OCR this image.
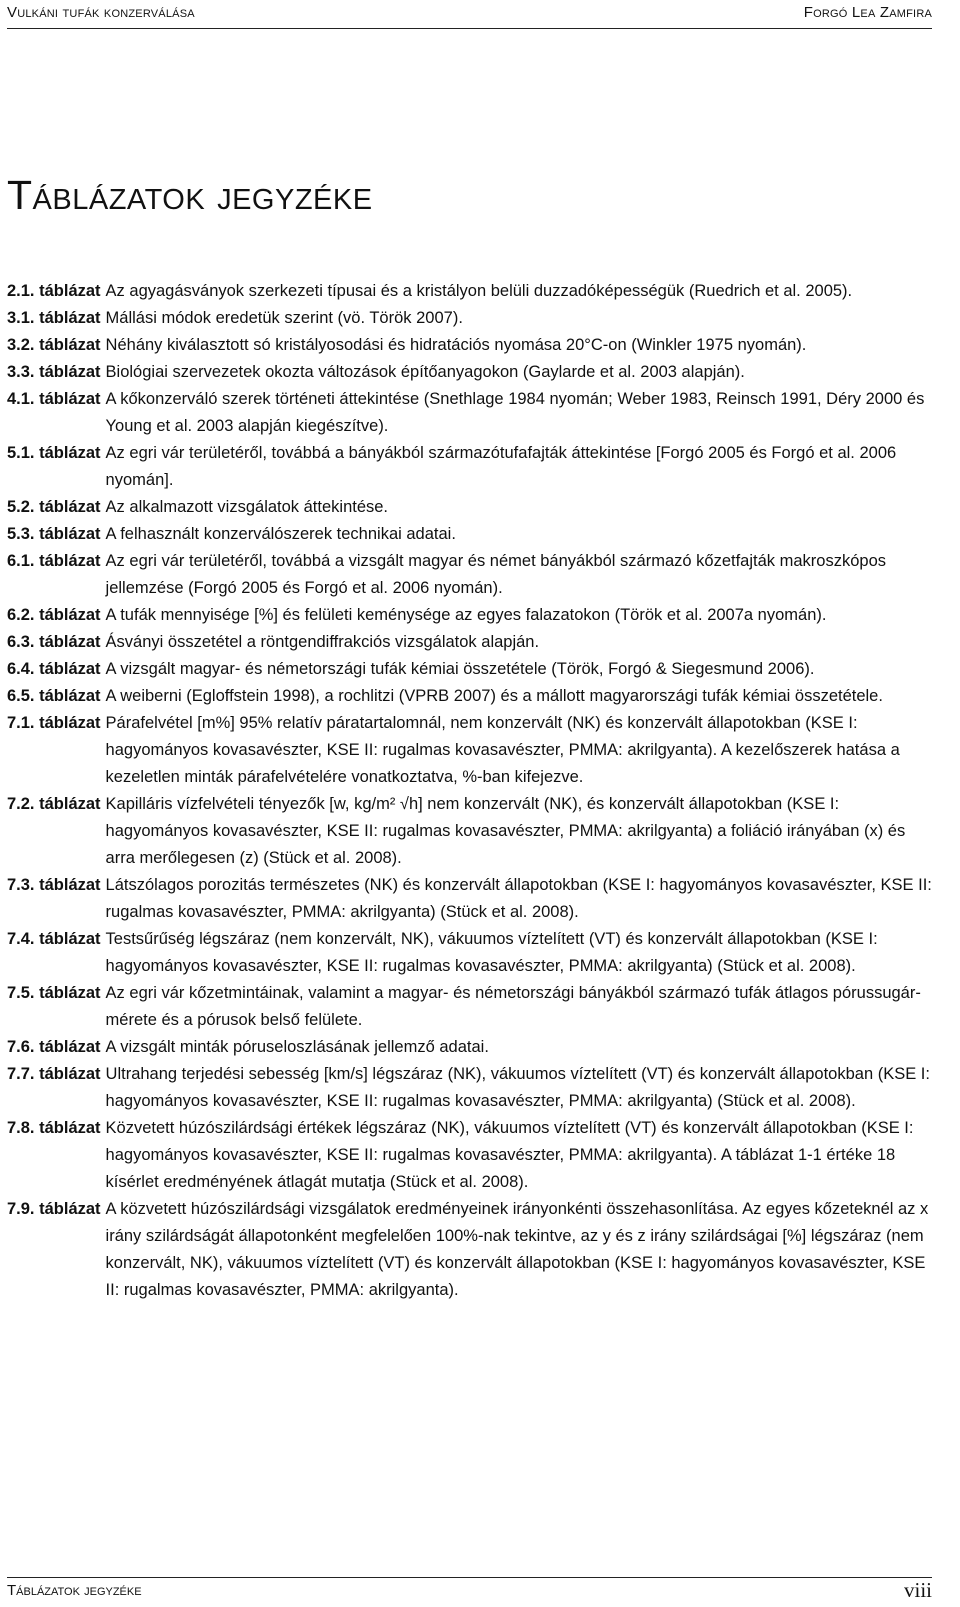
Vulkáni tufák konzerválása	Forgó Lea Zamfira
Táblázatok jegyzéke
2.1. táblázat Az agyagásványok szerkezeti típusai és a kristályon belüli duzzadóképességük (Ruedrich et al. 2005).
3.1. táblázat Mállási módok eredetük szerint (vö. Török 2007).
3.2. táblázat Néhány kiválasztott só kristályosodási és hidratációs nyomása 20°C-on (Winkler 1975 nyomán).
3.3. táblázat Biológiai szervezetek okozta változások építőanyagokon (Gaylarde et al. 2003 alapján).
4.1. táblázat A kőkonzerváló szerek történeti áttekintése (Snethlage 1984 nyomán; Weber 1983, Reinsch 1991, Déry 2000 és Young et al. 2003 alapján kiegészítve).
5.1. táblázat Az egri vár területéről, továbbá a bányákból származótufafajták áttekintése [Forgó 2005 és Forgó et al. 2006 nyomán].
5.2. táblázat Az alkalmazott vizsgálatok áttekintése.
5.3. táblázat A felhasznált konzerválószerek technikai adatai.
6.1. táblázat Az egri vár területéről, továbbá a vizsgált magyar és német bányákból származó kőzetfajták makroszkópos jellemzése (Forgó 2005 és Forgó et al. 2006 nyomán).
6.2. táblázat A tufák mennyisége [%] és felületi keménysége az egyes falazatokon (Török et al. 2007a nyomán).
6.3. táblázat Ásványi összetétel a röntgendiffrakciós vizsgálatok alapján.
6.4. táblázat A vizsgált magyar- és németországi tufák kémiai összetétele (Török, Forgó & Siegesmund 2006).
6.5. táblázat A weiberni (Egloffstein 1998), a rochlitzi (VPRB 2007) és a mállott magyarországi tufák kémiai összetétele.
7.1. táblázat Párafelvétel [m%] 95% relatív páratartalomnál, nem konzervált (NK) és konzervált állapotokban (KSE I: hagyományos kovasavészter, KSE II: rugalmas kovasavészter, PMMA: akrilgyanta). A kezelőszerek hatása a kezeletlen minták párafelvételére vonatkoztatva, %-ban kifejezve.
7.2. táblázat Kapilláris vízfelvételi tényezők [w, kg/m² √h] nem konzervált (NK), és konzervált állapotokban (KSE I: hagyományos kovasavészter, KSE II: rugalmas kovasavészter, PMMA: akrilgyanta) a foliáció irányában (x) és arra merőlegesen (z) (Stück et al. 2008).
7.3. táblázat Látszólagos porozitás természetes (NK) és konzervált állapotokban (KSE I: hagyományos kovasavészter, KSE II: rugalmas kovasavészter, PMMA: akrilgyanta) (Stück et al. 2008).
7.4. táblázat Testsűrűség légszáraz (nem konzervált, NK), vákuumos víztelített (VT) és konzervált állapotokban (KSE I: hagyományos kovasavészter, KSE II: rugalmas kovasavészter, PMMA: akrilgyanta) (Stück et al. 2008).
7.5. táblázat Az egri vár kőzetmintáinak, valamint a magyar- és németországi bányákból származó tufák átlagos pórussugár-mérete és a pórusok belső felülete.
7.6. táblázat A vizsgált minták póruseloszlásának jellemző adatai.
7.7. táblázat Ultrahang terjedési sebesség [km/s] légszáraz (NK), vákuumos víztelített (VT) és konzervált állapotokban (KSE I: hagyományos kovasavészter, KSE II: rugalmas kovasavészter, PMMA: akrilgyanta) (Stück et al. 2008).
7.8. táblázat Közvetett húzószilárdsági értékek légszáraz (NK), vákuumos víztelített (VT) és konzervált állapotokban (KSE I: hagyományos kovasavészter, KSE II: rugalmas kovasavészter, PMMA: akrilgyanta). A táblázat 1-1 értéke 18 kísérlet eredményének átlagát mutatja (Stück et al. 2008).
7.9. táblázat A közvetett húzószilárdsági vizsgálatok eredményeinek irányonkénti összehasonlítása. Az egyes kőzeteknél az x irány szilárdságát állapotonként megfelelően 100%-nak tekintve, az y és z irány szilárdságai [%] légszáraz (nem konzervált, NK), vákuumos víztelített (VT) és konzervált állapotokban (KSE I: hagyományos kovasavészter, KSE II: rugalmas kovasavészter, PMMA: akrilgyanta).
Táblázatok jegyzéke	viii
